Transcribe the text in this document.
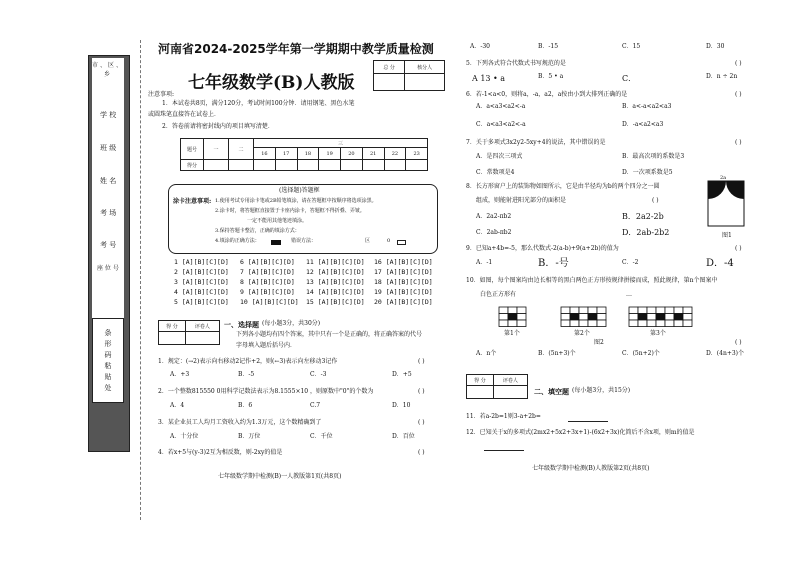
市、区、乡
学 校
班 级
姓 名
考 场
考 号
座 位 号
条形码粘贴处
河南省2024-2025学年第一学期期中教学质量检测
七年级数学(B)人教版
总 分	核分人

注意事项:
1．本试卷共8页，满分120分，考试时间100分钟．请用钢笔、黑色水笔
或圆珠笔直接答在试卷上．
2．答卷前请将密封线内的项目填写清楚．
题号	一	二	三							
			16	17	18	19	20	21	22	23
得分										
(选择题)答题框
涂卡注意事项: 1.使用考试专用涂卡笔或2B铅笔填涂，请在答题框中按顺序将选项涂黑。
2.涂卡时，将答题框直接置于卡座内涂卡，答题框不得折叠、弄皱。
一定不能用其他笔迹填涂。
3.保持答题卡整洁，正确的填涂方式：
4.填涂的正确方法：	错误方法：	区	0
1 [A][B][C][D] 6 [A][B][C][D] 11 [A][B][C][D] 16 [A][B][C][D]
2 [A][B][C][D] 7 [A][B][C][D] 12 [A][B][C][D] 17 [A][B][C][D]
3 [A][B][C][D] 8 [A][B][C][D] 13 [A][B][C][D] 18 [A][B][C][D]
4 [A][B][C][D] 9 [A][B][C][D] 14 [A][B][C][D] 19 [A][B][C][D]
5 [A][B][C][D] 10 [A][B][C][D] 15 [A][B][C][D] 20 [A][B][C][D]
得 分	评卷人
	一、选择题 (每小题3分，共30分)
下列各小题均有四个答案，其中只有一个是正确的，将正确答案的代号
字母填入题后括号内．
1．规定：(→2)表示向右移动2记作+2，则(←3)表示向左移动3记作	( )
A．+3	B．-5	C．-3	D．+5
2．一个整数815550 0用科学记数法表示为8.1555×10 ，则原数中"0"的个数为	( )
A．4	B．6	C.7	D．10
3．某企业员工人均月工资收入约为1.3万元，这个数精确到了	( )
A．十分位	B．万位	C．千位	D．百位
4．若x+5与(y-3)2互为相反数，则-2xy的值是	( )
七年级数学期中检测(B)一人教版第1页(共8页)
A．-30	B．-15	C．15	D．30
5．下列各式符合代数式书写规范的是	( )
A 13 • a	B．5 • a	C．	D．n ÷ 2n
6．若-1<a<0，则将a，-a，a2，a按由小到大排列正确的是	( )
A．a<a3<a2<-a	B．a<-a<a2<a3
C．a<a3<a2<-a	D．-a<a2<a3
7．关于多项式3x2y2-5xy+4的说法，其中错误的是	( )
A．是四次三项式	B．最高次项的系数是3
C．常数项是4	D．一次项系数是5
8．长方形窗户上的装饰物如图所示，它是由半径均为b的两个四分之一圆
组成，则能射进阳光部分的面积是	( )
A．2a2-πb2	B．2a2-2b
C．2ab-πb2	D．2ab-2b2
2a
图1
9．已知a+4b=-5，那么代数式-2(a-b)+9(a+2b)的值为	( )
A．-1	B．-号	C．-2	D．-4
10．如图，每个图案均由边长相等的黑白两色正方形按规律拼接而成，照此规律，第n个图案中
白色正方形有	…
第1个	第2个	第3个
图2	( )
A．n个	B．(5n+3)个	C．(5n+2)个	D．(4n+3)个
得 分	评卷人

二、填空题 (每小题3分，共15分)
11．若a-2b=1则3-a+2b=
12．已知关于x的多项式(2mx2+5x2+3x+1)-(6x2+3x)化简后不含x项，则m的值是
七年级数学期中检测(B)人教版第2页(共8页)
